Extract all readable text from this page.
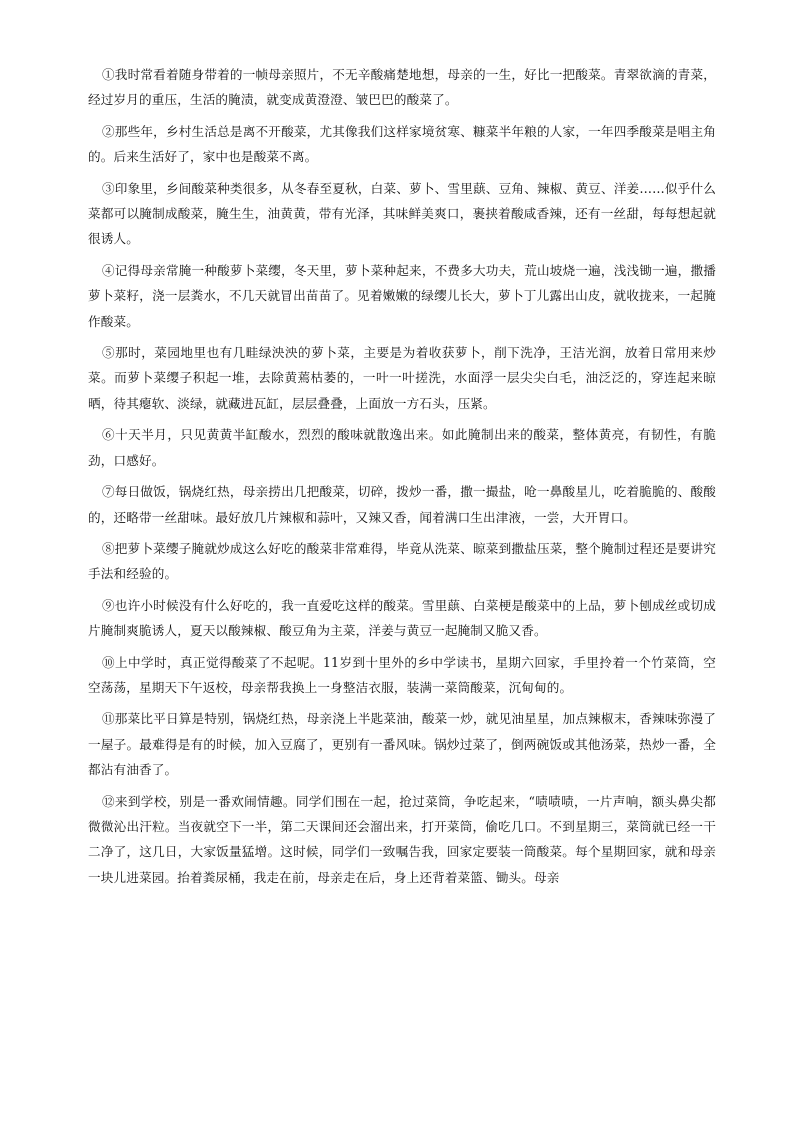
①我时常看着随身带着的一帧母亲照片，不无辛酸痛楚地想，母亲的一生，好比一把酸菜。青翠欲滴的青菜，经过岁月的重压，生活的腌渍，就变成黄澄澄、皱巴巴的酸菜了。

②那些年，乡村生活总是离不开酸菜，尤其像我们这样家境贫寒、糠菜半年粮的人家，一年四季酸菜是唱主角的。后来生活好了，家中也是酸菜不离。

③印象里，乡间酸菜种类很多，从冬春至夏秋，白菜、萝卜、雪里蕻、豆角、辣椒、黄豆、洋姜……似乎什么菜都可以腌制成酸菜，腌生生，油黄黄，带有光泽，其味鲜美爽口，裹挟着酸咸香辣，还有一丝甜，每每想起就很诱人。

④记得母亲常腌一种酸萝卜菜缨，冬天里，萝卜菜种起来，不费多大功夫，荒山坡烧一遍，浅浅锄一遍，撒播萝卜菜籽，浇一层粪水，不几天就冒出苗苗了。见着嫩嫩的绿缨儿长大，萝卜丁儿露出山皮，就收拢来，一起腌作酸菜。

⑤那时，菜园地里也有几畦绿泱泱的萝卜菜，主要是为着收获萝卜，削下洗净，王洁光润，放着日常用来炒菜。而萝卜菜缨子积起一堆，去除黄蔫枯萎的，一叶一叶搓洗，水面浮一层尖尖白毛，油泛泛的，穿连起来晾晒，待其瘪软、淡绿，就藏进瓦缸，层层叠叠，上面放一方石头，压紧。

⑥十天半月，只见黄黄半缸酸水，烈烈的酸味就散逸出来。如此腌制出来的酸菜，整体黄亮，有韧性，有脆劲，口感好。

⑦每日做饭，锅烧红热，母亲捞出几把酸菜，切碎，拨炒一番，撒一撮盐，呛一鼻酸星儿，吃着脆脆的、酸酸的，还略带一丝甜味。最好放几片辣椒和蒜叶，又辣又香，闻着满口生出津液，一尝，大开胃口。

⑧把萝卜菜缨子腌就炒成这么好吃的酸菜非常难得，毕竟从洗菜、晾菜到撒盐压菜，整个腌制过程还是要讲究手法和经验的。

⑨也许小时候没有什么好吃的，我一直爱吃这样的酸菜。雪里蕻、白菜梗是酸菜中的上品，萝卜刨成丝或切成片腌制爽脆诱人，夏天以酸辣椒、酸豆角为主菜，洋姜与黄豆一起腌制又脆又香。

⑩上中学时，真正觉得酸菜了不起呢。11岁到十里外的乡中学读书，星期六回家，手里拎着一个竹菜筒，空空荡荡，星期天下午返校，母亲帮我换上一身整洁衣服，装满一菜筒酸菜，沉甸甸的。

⑪那菜比平日算是特别，锅烧红热，母亲浇上半匙菜油，酸菜一炒，就见油星星，加点辣椒末，香辣味弥漫了一屋子。最难得是有的时候，加入豆腐了，更别有一番风味。锅炒过菜了，倒两碗饭或其他汤菜，热炒一番，全都沾有油香了。

⑫来到学校，别是一番欢闹情趣。同学们围在一起，抢过菜筒，争吃起来，“啧啧啧，一片声响，额头鼻尖都微微沁出汗粒。当夜就空下一半，第二天课间还会溜出来，打开菜筒，偷吃几口。不到星期三，菜筒就已经一干二净了，这几日，大家饭量猛增。这时候，同学们一致嘱告我，回家定要装一筒酸菜。每个星期回家，就和母亲一块儿进菜园。抬着粪尿桶，我走在前，母亲走在后，身上还背着菜篮、锄头。母亲
